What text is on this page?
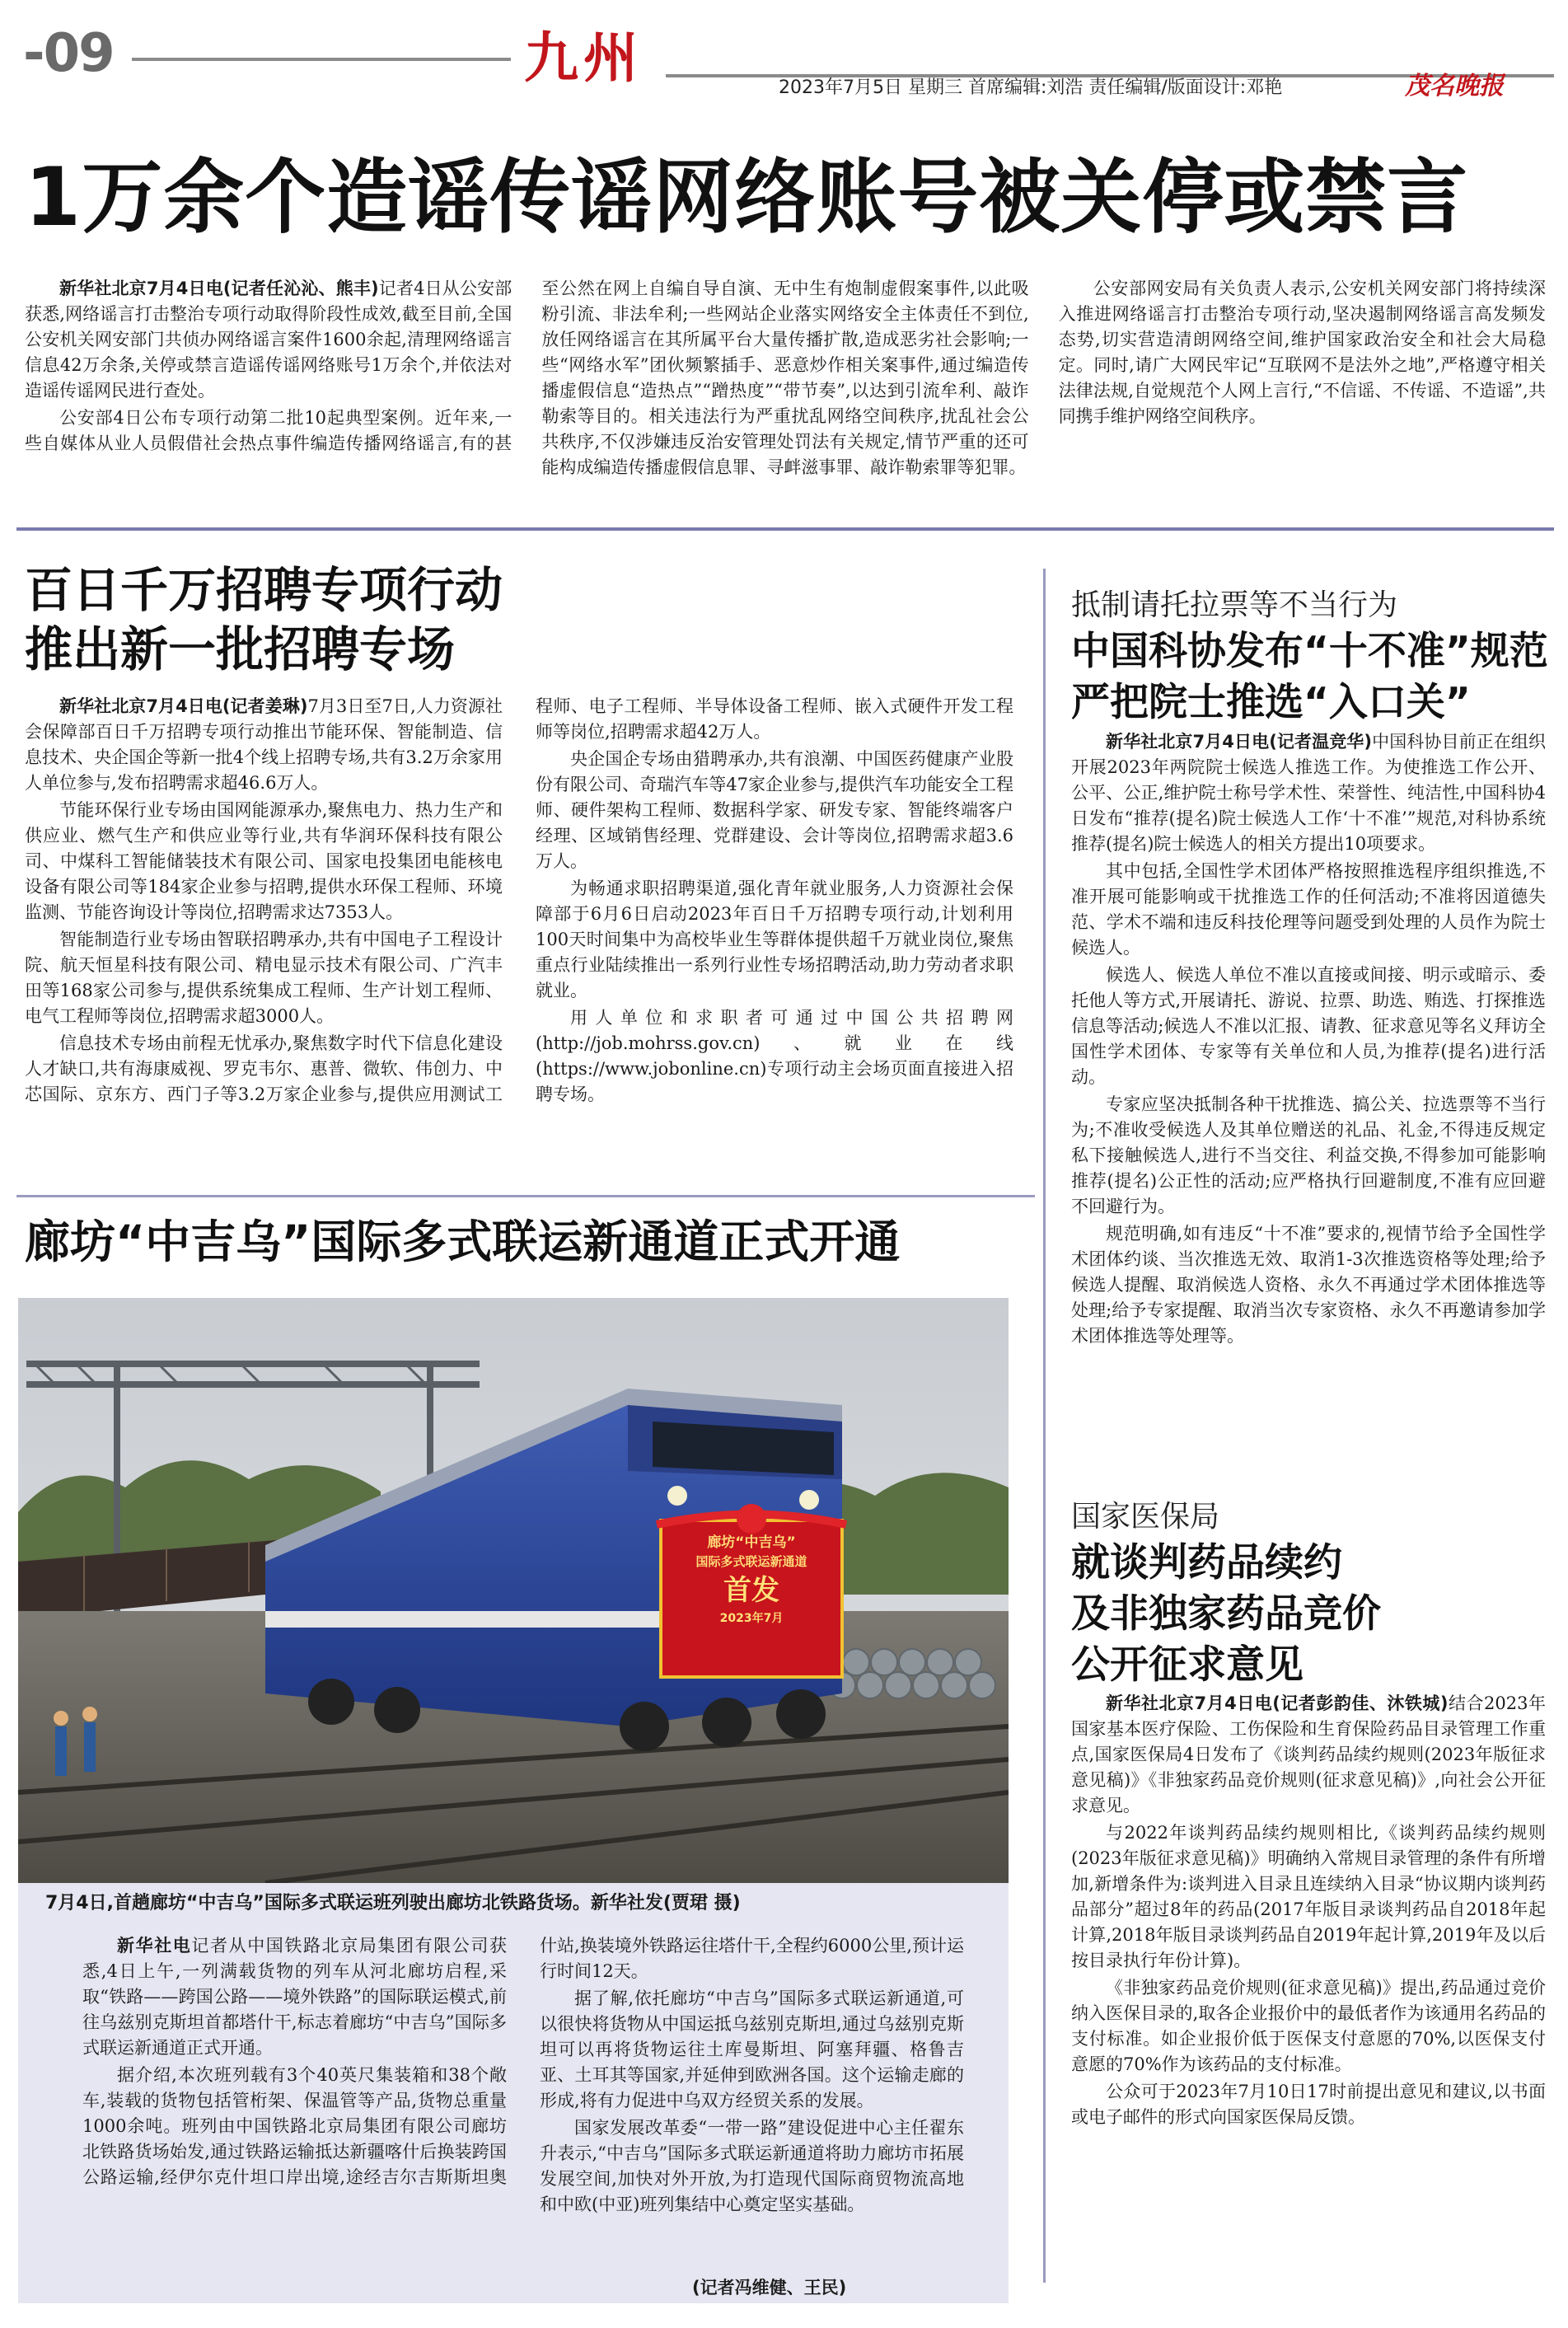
-09	九州	2023年7月5日 星期三 首席编辑:刘浩 责任编辑/版面设计:邓艳	茂名晚报
1万余个造谣传谣网络账号被关停或禁言

新华社北京7月4日电(记者任沁沁、熊丰)记者4日从公安部获悉,网络谣言打击整治专项行动取得阶段性成效,截至目前,全国公安机关网安部门共侦办网络谣言案件1600余起,清理网络谣言信息42万余条,关停或禁言造谣传谣网络账号1万余个,并依法对造谣传谣网民进行查处。

公安部4日公布专项行动第二批10起典型案例。近年来,一些自媒体从业人员假借社会热点事件编造传播网络谣言,有的甚至公然在网上自编自导自演、无中生有炮制虚假案事件,以此吸粉引流、非法牟利;一些网站企业落实网络安全主体责任不到位,放任网络谣言在其所属平台大量传播扩散,造成恶劣社会影响;一些“网络水军”团伙频繁插手、恶意炒作相关案事件,通过编造传播虚假信息“造热点”“蹭热度”“带节奏”,以达到引流牟利、敲诈勒索等目的。相关违法行为严重扰乱网络空间秩序,扰乱社会公共秩序,不仅涉嫌违反治安管理处罚法有关规定,情节严重的还可能构成编造传播虚假信息罪、寻衅滋事罪、敲诈勒索罪等犯罪。

公安部网安局有关负责人表示,公安机关网安部门将持续深入推进网络谣言打击整治专项行动,坚决遏制网络谣言高发频发态势,切实营造清朗网络空间,维护国家政治安全和社会大局稳定。同时,请广大网民牢记“互联网不是法外之地”,严格遵守相关法律法规,自觉规范个人网上言行,“不信谣、不传谣、不造谣”,共同携手维护网络空间秩序。

百日千万招聘专项行动
推出新一批招聘专场

新华社北京7月4日电(记者姜琳)7月3日至7日,人力资源社会保障部百日千万招聘专项行动推出节能环保、智能制造、信息技术、央企国企等新一批4个线上招聘专场,共有3.2万余家用人单位参与,发布招聘需求超46.6万人。

节能环保行业专场由国网能源承办,聚焦电力、热力生产和供应业、燃气生产和供应业等行业,共有华润环保科技有限公司、中煤科工智能储装技术有限公司、国家电投集团电能核电设备有限公司等184家企业参与招聘,提供水环保工程师、环境监测、节能咨询设计等岗位,招聘需求达7353人。

智能制造行业专场由智联招聘承办,共有中国电子工程设计院、航天恒星科技有限公司、精电显示技术有限公司、广汽丰田等168家公司参与,提供系统集成工程师、生产计划工程师、电气工程师等岗位,招聘需求超3000人。

信息技术专场由前程无忧承办,聚焦数字时代下信息化建设人才缺口,共有海康威视、罗克韦尔、惠普、微软、伟创力、中芯国际、京东方、西门子等3.2万家企业参与,提供应用测试工程师、电子工程师、半导体设备工程师、嵌入式硬件开发工程师等岗位,招聘需求超42万人。

央企国企专场由猎聘承办,共有浪潮、中国医药健康产业股份有限公司、奇瑞汽车等47家企业参与,提供汽车功能安全工程师、硬件架构工程师、数据科学家、研发专家、智能终端客户经理、区域销售经理、党群建设、会计等岗位,招聘需求超3.6万人。

为畅通求职招聘渠道,强化青年就业服务,人力资源社会保障部于6月6日启动2023年百日千万招聘专项行动,计划利用100天时间集中为高校毕业生等群体提供超千万就业岗位,聚焦重点行业陆续推出一系列行业性专场招聘活动,助力劳动者求职就业。

用人单位和求职者可通过中国公共招聘网(http://job.mohrss.gov.cn)、就业在线(https://www.jobonline.cn)专项行动主会场页面直接进入招聘专场。

抵制请托拉票等不当行为
中国科协发布“十不准”规范
严把院士推选“入口关”

新华社北京7月4日电(记者温竞华)中国科协目前正在组织开展2023年两院院士候选人推选工作。为使推选工作公开、公平、公正,维护院士称号学术性、荣誉性、纯洁性,中国科协4日发布“推荐(提名)院士候选人工作‘十不准’”规范,对科协系统推荐(提名)院士候选人的相关方提出10项要求。

其中包括,全国性学术团体严格按照推选程序组织推选,不准开展可能影响或干扰推选工作的任何活动;不准将因道德失范、学术不端和违反科技伦理等问题受到处理的人员作为院士候选人。

候选人、候选人单位不准以直接或间接、明示或暗示、委托他人等方式,开展请托、游说、拉票、助选、贿选、打探推选信息等活动;候选人不准以汇报、请教、征求意见等名义拜访全国性学术团体、专家等有关单位和人员,为推荐(提名)进行活动。

专家应坚决抵制各种干扰推选、搞公关、拉选票等不当行为;不准收受候选人及其单位赠送的礼品、礼金,不得违反规定私下接触候选人,进行不当交往、利益交换,不得参加可能影响推荐(提名)公正性的活动;应严格执行回避制度,不准有应回避不回避行为。

规范明确,如有违反“十不准”要求的,视情节给予全国性学术团体约谈、当次推选无效、取消1-3次推选资格等处理;给予候选人提醒、取消候选人资格、永久不再通过学术团体推选等处理;给予专家提醒、取消当次专家资格、永久不再邀请参加学术团体推选等处理等。

国家医保局
就谈判药品续约
及非独家药品竞价
公开征求意见

新华社北京7月4日电(记者彭韵佳、沐铁城)结合2023年国家基本医疗保险、工伤保险和生育保险药品目录管理工作重点,国家医保局4日发布了《谈判药品续约规则(2023年版征求意见稿)》《非独家药品竞价规则(征求意见稿)》,向社会公开征求意见。

与2022年谈判药品续约规则相比,《谈判药品续约规则(2023年版征求意见稿)》明确纳入常规目录管理的条件有所增加,新增条件为:谈判进入目录且连续纳入目录“协议期内谈判药品部分”超过8年的药品(2017年版目录谈判药品自2018年起计算,2018年版目录谈判药品自2019年起计算,2019年及以后按目录执行年份计算)。

《非独家药品竞价规则(征求意见稿)》提出,药品通过竞价纳入医保目录的,取各企业报价中的最低者作为该通用名药品的支付标准。如企业报价低于医保支付意愿的70%,以医保支付意愿的70%作为该药品的支付标准。

公众可于2023年7月10日17时前提出意见和建议,以书面或电子邮件的形式向国家医保局反馈。

廊坊“中吉乌”国际多式联运新通道正式开通
廊坊“中吉乌”
国际多式联运新通道
首发
2023年7月
7月4日,首趟廊坊“中吉乌”国际多式联运班列驶出廊坊北铁路货场。新华社发(贾珺 摄)

新华社电记者从中国铁路北京局集团有限公司获悉,4日上午,一列满载货物的列车从河北廊坊启程,采取“铁路——跨国公路——境外铁路”的国际联运模式,前往乌兹别克斯坦首都塔什干,标志着廊坊“中吉乌”国际多式联运新通道正式开通。

据介绍,本次班列载有3个40英尺集装箱和38个敞车,装载的货物包括管桁架、保温管等产品,货物总重量1000余吨。班列由中国铁路北京局集团有限公司廊坊北铁路货场始发,通过铁路运输抵达新疆喀什后换装跨国公路运输,经伊尔克什坦口岸出境,途经吉尔吉斯斯坦奥什站,换装境外铁路运往塔什干,全程约6000公里,预计运行时间12天。

据了解,依托廊坊“中吉乌”国际多式联运新通道,可以很快将货物从中国运抵乌兹别克斯坦,通过乌兹别克斯坦可以再将货物运往土库曼斯坦、阿塞拜疆、格鲁吉亚、土耳其等国家,并延伸到欧洲各国。这个运输走廊的形成,将有力促进中乌双方经贸关系的发展。

国家发展改革委“一带一路”建设促进中心主任翟东升表示,“中吉乌”国际多式联运新通道将助力廊坊市拓展发展空间,加快对外开放,为打造现代国际商贸物流高地和中欧(中亚)班列集结中心奠定坚实基础。

(记者冯维健、王民)
